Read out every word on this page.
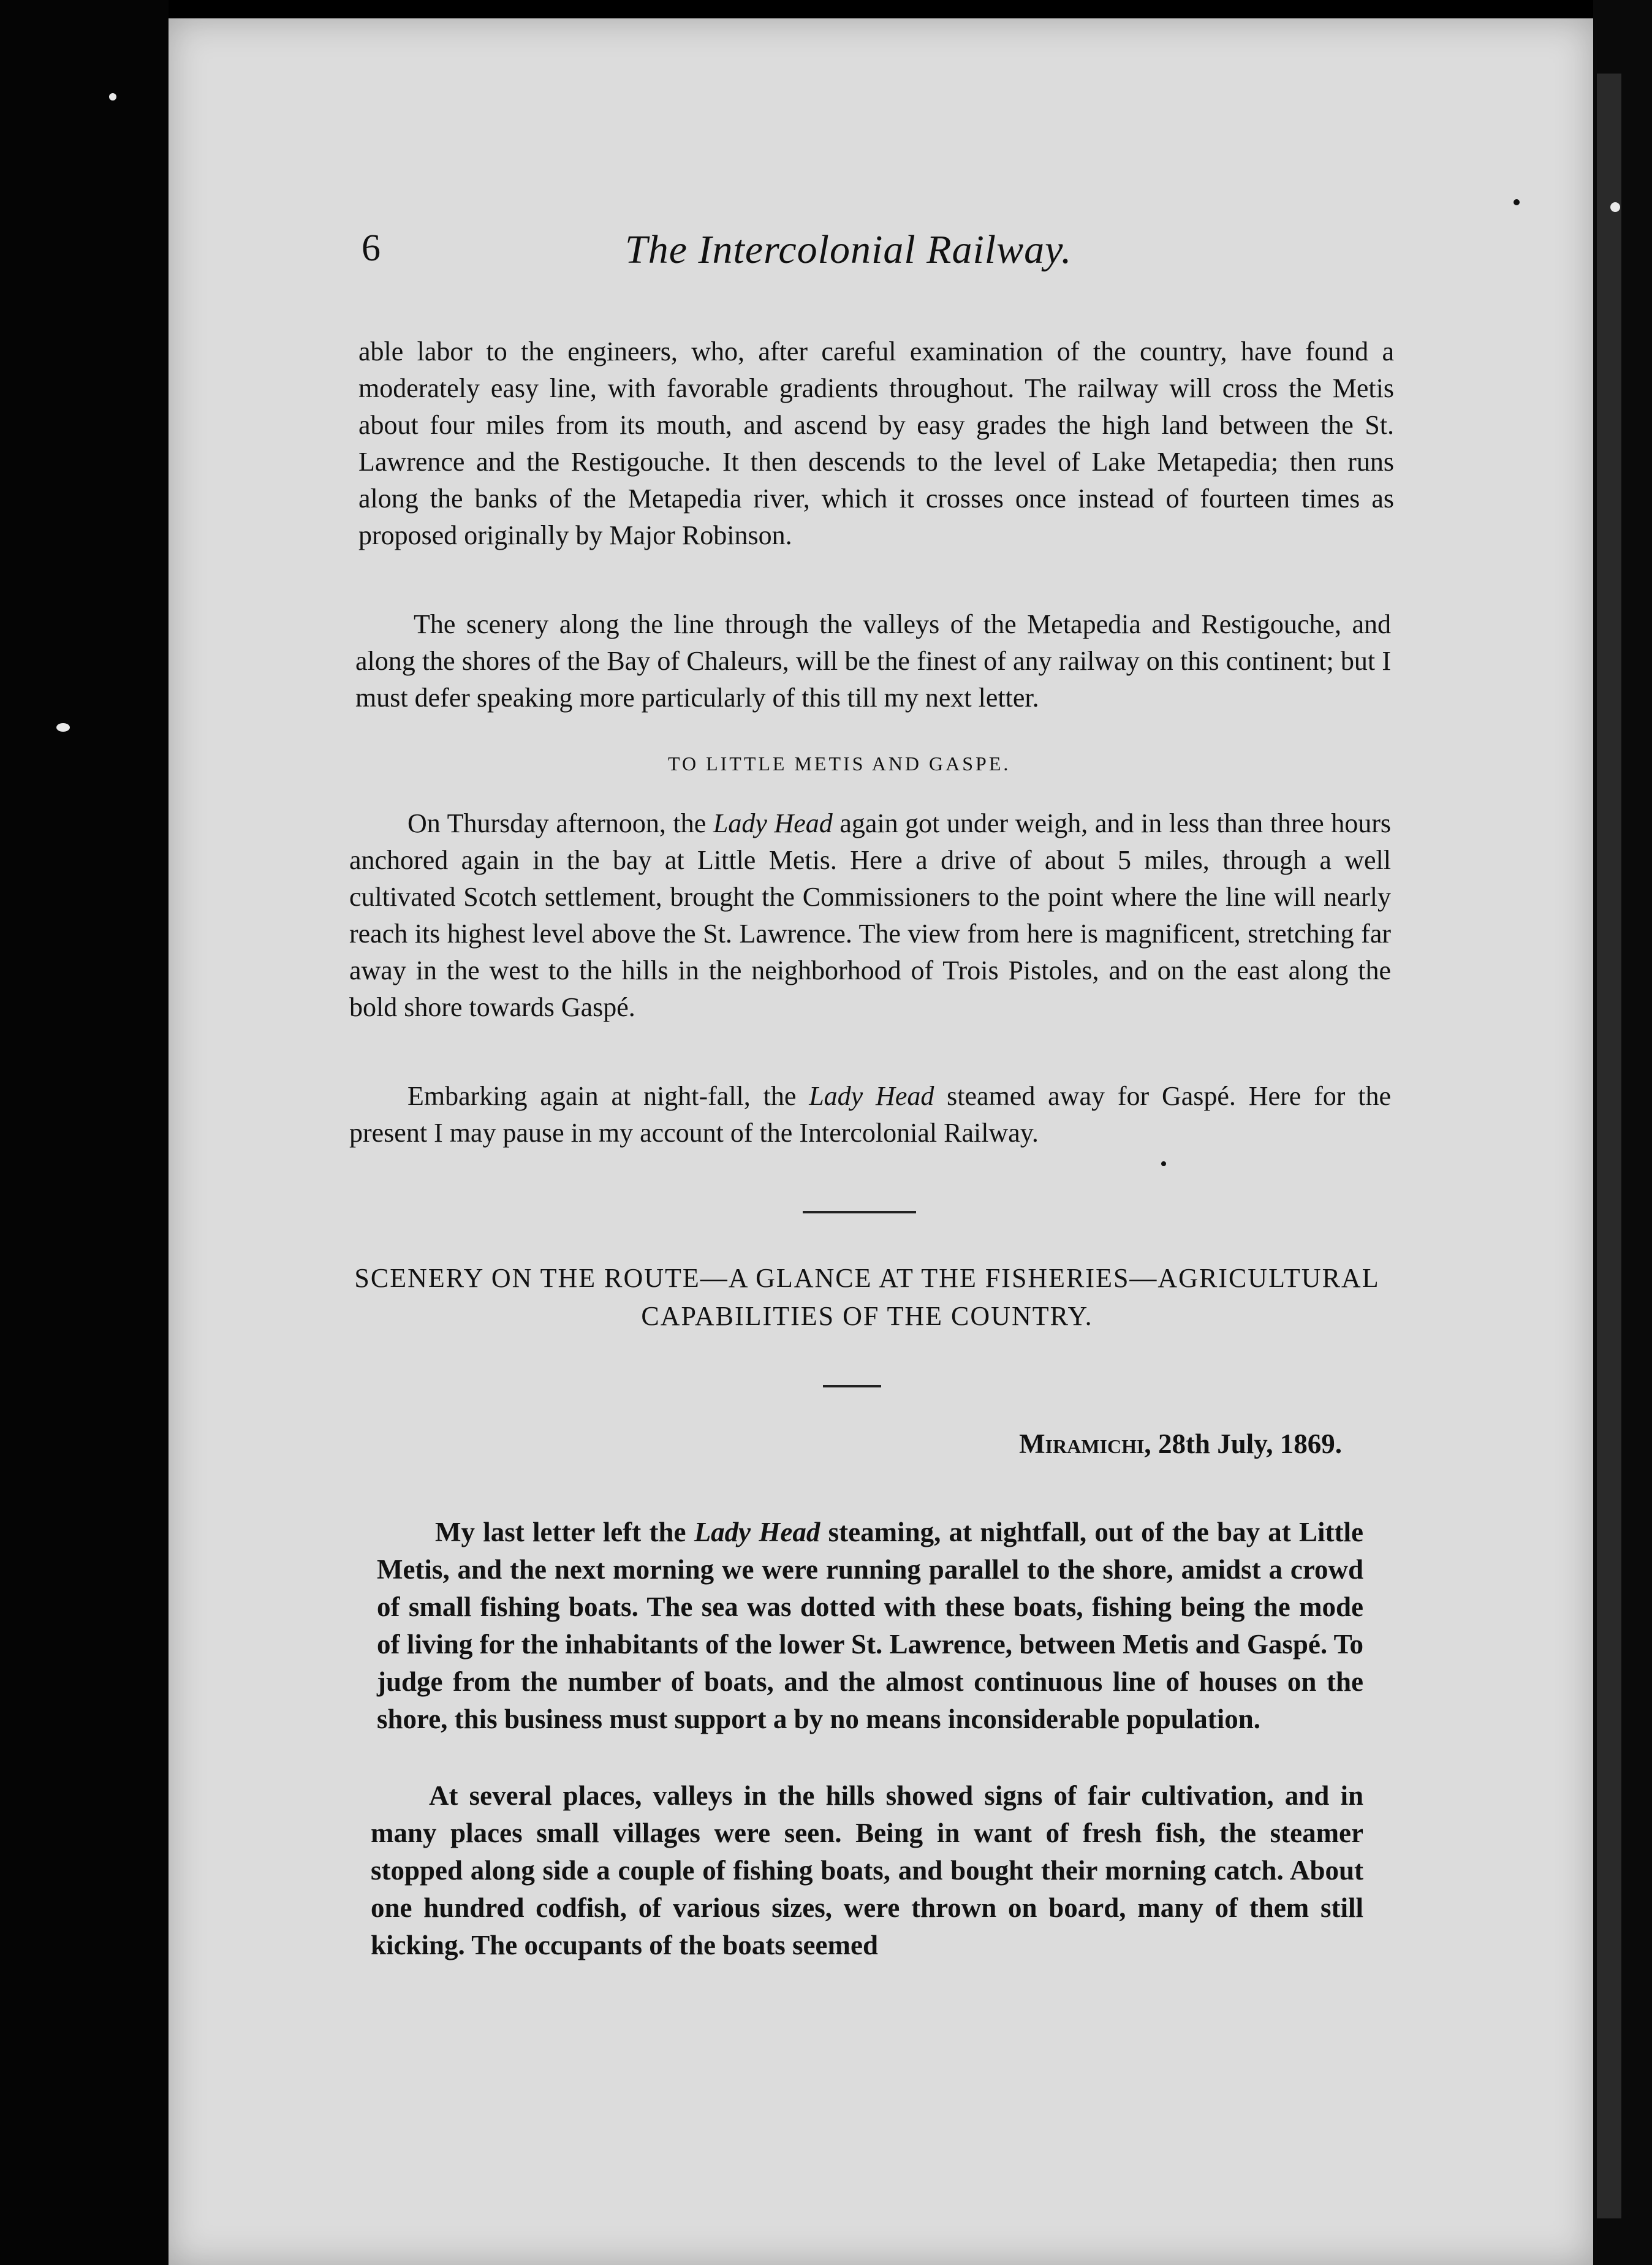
6	The Intercolonial Railway.

able labor to the engineers, who, after careful examination of the country, have found a moderately easy line, with favorable gradients throughout. The railway will cross the Metis about four miles from its mouth, and ascend by easy grades the high land between the St. Lawrence and the Restigouche. It then descends to the level of Lake Metapedia; then runs along the banks of the Metapedia river, which it crosses once instead of fourteen times as proposed originally by Major Robinson.

The scenery along the line through the valleys of the Metapedia and Restigouche, and along the shores of the Bay of Chaleurs, will be the finest of any railway on this continent; but I must defer speaking more particularly of this till my next letter.

TO LITTLE METIS AND GASPE.

On Thursday afternoon, the Lady Head again got under weigh, and in less than three hours anchored again in the bay at Little Metis. Here a drive of about 5 miles, through a well cultivated Scotch settlement, brought the Commissioners to the point where the line will nearly reach its highest level above the St. Lawrence. The view from here is magnificent, stretching far away in the west to the hills in the neighborhood of Trois Pistoles, and on the east along the bold shore towards Gaspé.

Embarking again at night-fall, the Lady Head steamed away for Gaspé. Here for the present I may pause in my account of the Intercolonial Railway.

SCENERY ON THE ROUTE—A GLANCE AT THE FISHERIES—AGRICULTURAL CAPABILITIES OF THE COUNTRY.
Miramichi, 28th July, 1869.

My last letter left the Lady Head steaming, at nightfall, out of the bay at Little Metis, and the next morning we were running parallel to the shore, amidst a crowd of small fishing boats. The sea was dotted with these boats, fishing being the mode of living for the inhabitants of the lower St. Lawrence, between Metis and Gaspé. To judge from the number of boats, and the almost continuous line of houses on the shore, this business must support a by no means inconsiderable population.

At several places, valleys in the hills showed signs of fair cultivation, and in many places small villages were seen. Being in want of fresh fish, the steamer stopped along side a couple of fishing boats, and bought their morning catch. About one hundred codfish, of various sizes, were thrown on board, many of them still kicking. The occupants of the boats seemed
